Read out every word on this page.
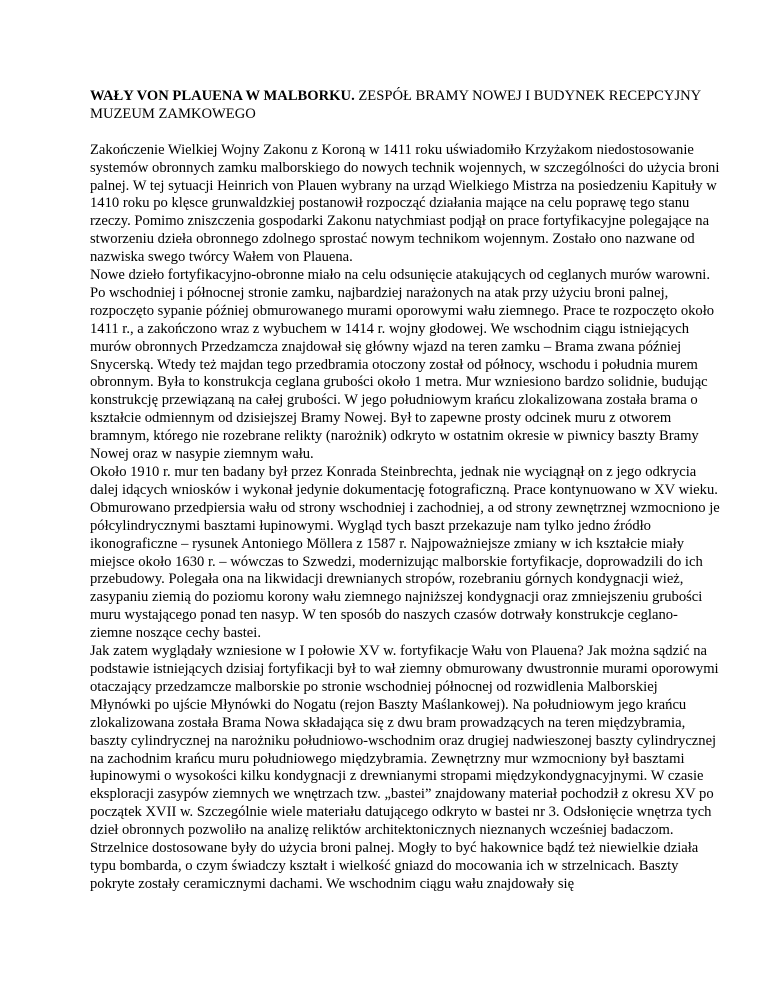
WAŁY VON PLAUENA W MALBORKU. ZESPÓŁ BRAMY NOWEJ I BUDYNEK RECEPCYJNY MUZEUM ZAMKOWEGO

Zakończenie Wielkiej Wojny Zakonu z Koroną w 1411 roku uświadomiło Krzyżakom niedostosowanie systemów obronnych zamku malborskiego do nowych technik wojennych, w szczególności do użycia broni palnej. W tej sytuacji Heinrich von Plauen wybrany na urząd Wielkiego Mistrza na posiedzeniu Kapituły w 1410 roku po klęsce grunwaldzkiej postanowił rozpocząć działania mające na celu poprawę tego stanu rzeczy. Pomimo zniszczenia gospodarki Zakonu natychmiast podjął on prace fortyfikacyjne polegające na stworzeniu dzieła obronnego zdolnego sprostać nowym technikom wojennym. Zostało ono nazwane od nazwiska swego twórcy Wałem von Plauena.

Nowe dzieło fortyfikacyjno-obronne miało na celu odsunięcie atakujących od ceglanych murów warowni. Po wschodniej i północnej stronie zamku, najbardziej narażonych na atak przy użyciu broni palnej, rozpoczęto sypanie później obmurowanego murami oporowymi wału ziemnego. Prace te rozpoczęto około 1411 r., a zakończono wraz z wybuchem w 1414 r. wojny głodowej. We wschodnim ciągu istniejących murów obronnych Przedzamcza znajdował się główny wjazd na teren zamku – Brama zwana później Snycerską. Wtedy też majdan tego przedbramia otoczony został od północy, wschodu i południa murem obronnym. Była to konstrukcja ceglana grubości około 1 metra. Mur wzniesiono bardzo solidnie, budując konstrukcję przewiązaną na całej grubości. W jego południowym krańcu zlokalizowana została brama o kształcie odmiennym od dzisiejszej Bramy Nowej. Był to zapewne prosty odcinek muru z otworem bramnym, którego nie rozebrane relikty (narożnik) odkryto w ostatnim okresie w piwnicy baszty Bramy Nowej oraz w nasypie ziemnym wału.

Około 1910 r. mur ten badany był przez Konrada Steinbrechta, jednak nie wyciągnął on z jego odkrycia dalej idących wniosków i wykonał jedynie dokumentację fotograficzną. Prace kontynuowano w XV wieku. Obmurowano przedpiersia wału od strony wschodniej i zachodniej, a od strony zewnętrznej wzmocniono je półcylindrycznymi basztami łupinowymi. Wygląd tych baszt przekazuje nam tylko jedno źródło ikonograficzne – rysunek Antoniego Möllera z 1587 r. Najpoważniejsze zmiany w ich kształcie miały miejsce około 1630 r. – wówczas to Szwedzi, modernizując malborskie fortyfikacje, doprowadzili do ich przebudowy. Polegała ona na likwidacji drewnianych stropów, rozebraniu górnych kondygnacji wież, zasypaniu ziemią do poziomu korony wału ziemnego najniższej kondygnacji oraz zmniejszeniu grubości muru wystającego ponad ten nasyp. W ten sposób do naszych czasów dotrwały konstrukcje ceglano-ziemne noszące cechy bastei.

Jak zatem wyglądały wzniesione w I połowie XV w. fortyfikacje Wału von Plauena? Jak można sądzić na podstawie istniejących dzisiaj fortyfikacji był to wał ziemny obmurowany dwustronnie murami oporowymi otaczający przedzamcze malborskie po stronie wschodniej północnej od rozwidlenia Malborskiej Młynówki po ujście Młynówki do Nogatu (rejon Baszty Maślankowej). Na południowym jego krańcu zlokalizowana została Brama Nowa składająca się z dwu bram prowadzących na teren międzybramia, baszty cylindrycznej na narożniku południowo-wschodnim oraz drugiej nadwieszonej baszty cylindrycznej na zachodnim krańcu muru południowego międzybramia. Zewnętrzny mur wzmocniony był basztami łupinowymi o wysokości kilku kondygnacji z drewnianymi stropami międzykondygnacyjnymi. W czasie eksploracji zasypów ziemnych we wnętrzach tzw. „bastei” znajdowany materiał pochodził z okresu XV po początek XVII w. Szczególnie wiele materiału datującego odkryto w bastei nr 3. Odsłonięcie wnętrza tych dzieł obronnych pozwoliło na analizę reliktów architektonicznych nieznanych wcześniej badaczom. Strzelnice dostosowane były do użycia broni palnej. Mogły to być hakownice bądź też niewielkie działa typu bombarda, o czym świadczy kształt i wielkość gniazd do mocowania ich w strzelnicach. Baszty pokryte zostały ceramicznymi dachami. We wschodnim ciągu wału znajdowały się
